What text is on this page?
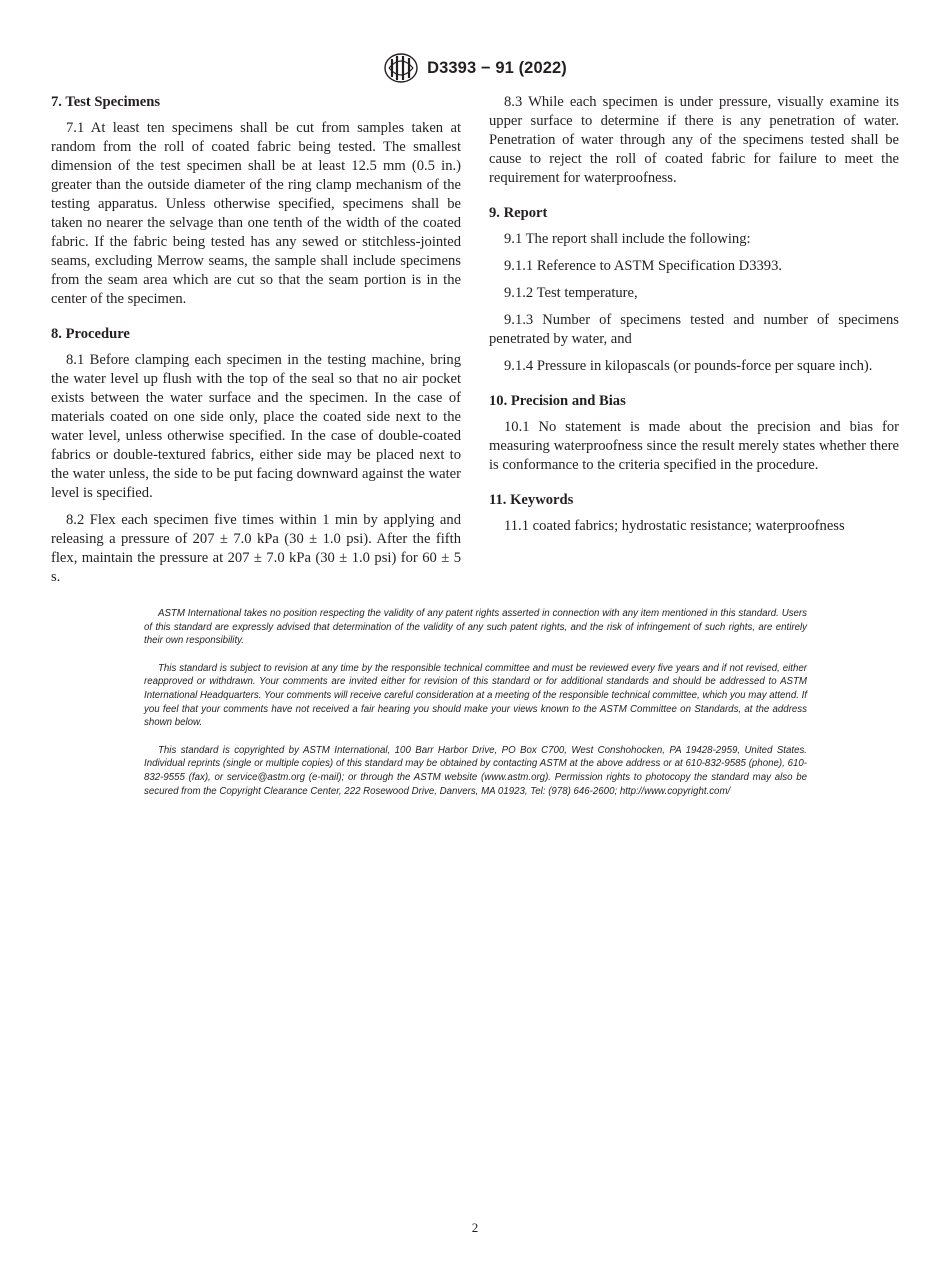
D3393 − 91 (2022)
7. Test Specimens

7.1 At least ten specimens shall be cut from samples taken at random from the roll of coated fabric being tested. The smallest dimension of the test specimen shall be at least 12.5 mm (0.5 in.) greater than the outside diameter of the ring clamp mechanism of the testing apparatus. Unless otherwise specified, specimens shall be taken no nearer the selvage than one tenth of the width of the coated fabric. If the fabric being tested has any sewed or stitchless-jointed seams, excluding Merrow seams, the sample shall include specimens from the seam area which are cut so that the seam portion is in the center of the specimen.

8. Procedure

8.1 Before clamping each specimen in the testing machine, bring the water level up flush with the top of the seal so that no air pocket exists between the water surface and the specimen. In the case of materials coated on one side only, place the coated side next to the water level, unless otherwise specified. In the case of double-coated fabrics or double-textured fabrics, either side may be placed next to the water unless, the side to be put facing downward against the water level is specified.

8.2 Flex each specimen five times within 1 min by applying and releasing a pressure of 207 ± 7.0 kPa (30 ± 1.0 psi). After the fifth flex, maintain the pressure at 207 ± 7.0 kPa (30 ± 1.0 psi) for 60 ± 5 s.

8.3 While each specimen is under pressure, visually examine its upper surface to determine if there is any penetration of water. Penetration of water through any of the specimens tested shall be cause to reject the roll of coated fabric for failure to meet the requirement for waterproofness.

9. Report

9.1 The report shall include the following:

9.1.1 Reference to ASTM Specification D3393.

9.1.2 Test temperature,

9.1.3 Number of specimens tested and number of specimens penetrated by water, and

9.1.4 Pressure in kilopascals (or pounds-force per square inch).

10. Precision and Bias

10.1 No statement is made about the precision and bias for measuring waterproofness since the result merely states whether there is conformance to the criteria specified in the procedure.

11. Keywords

11.1 coated fabrics; hydrostatic resistance; waterproofness

ASTM International takes no position respecting the validity of any patent rights asserted in connection with any item mentioned in this standard. Users of this standard are expressly advised that determination of the validity of any such patent rights, and the risk of infringement of such rights, are entirely their own responsibility.

This standard is subject to revision at any time by the responsible technical committee and must be reviewed every five years and if not revised, either reapproved or withdrawn. Your comments are invited either for revision of this standard or for additional standards and should be addressed to ASTM International Headquarters. Your comments will receive careful consideration at a meeting of the responsible technical committee, which you may attend. If you feel that your comments have not received a fair hearing you should make your views known to the ASTM Committee on Standards, at the address shown below.

This standard is copyrighted by ASTM International, 100 Barr Harbor Drive, PO Box C700, West Conshohocken, PA 19428-2959, United States. Individual reprints (single or multiple copies) of this standard may be obtained by contacting ASTM at the above address or at 610-832-9585 (phone), 610-832-9555 (fax), or service@astm.org (e-mail); or through the ASTM website (www.astm.org). Permission rights to photocopy the standard may also be secured from the Copyright Clearance Center, 222 Rosewood Drive, Danvers, MA 01923, Tel: (978) 646-2600; http://www.copyright.com/

2
